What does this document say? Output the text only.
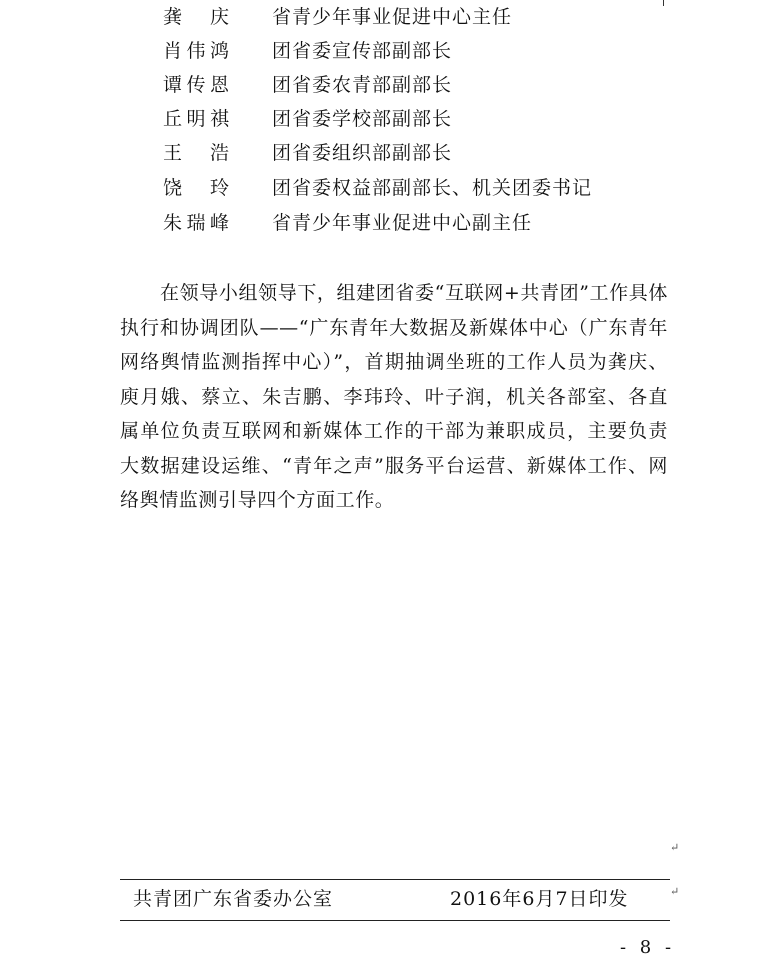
龚庆 省青少年事业促进中心主任
肖伟鸿 团省委宣传部副部长
谭传恩 团省委农青部副部长
丘明祺 团省委学校部副部长
王浩 团省委组织部副部长
饶玲 团省委权益部副部长、机关团委书记
朱瑞峰 省青少年事业促进中心副主任

在领导小组领导下，组建团省委“互联网+共青团”工作具体执行和协调团队——“广东青年大数据及新媒体中心（广东青年网络舆情监测指挥中心）”，首期抽调坐班的工作人员为龚庆、庾月娥、蔡立、朱吉鹏、李玮玲、叶子润，机关各部室、各直属单位负责互联网和新媒体工作的干部为兼职成员，主要负责大数据建设运维、“青年之声”服务平台运营、新媒体工作、网络舆情监测引导四个方面工作。

↵
共青团广东省委办公室	2016年6月7日印发	↵
- 8 -
